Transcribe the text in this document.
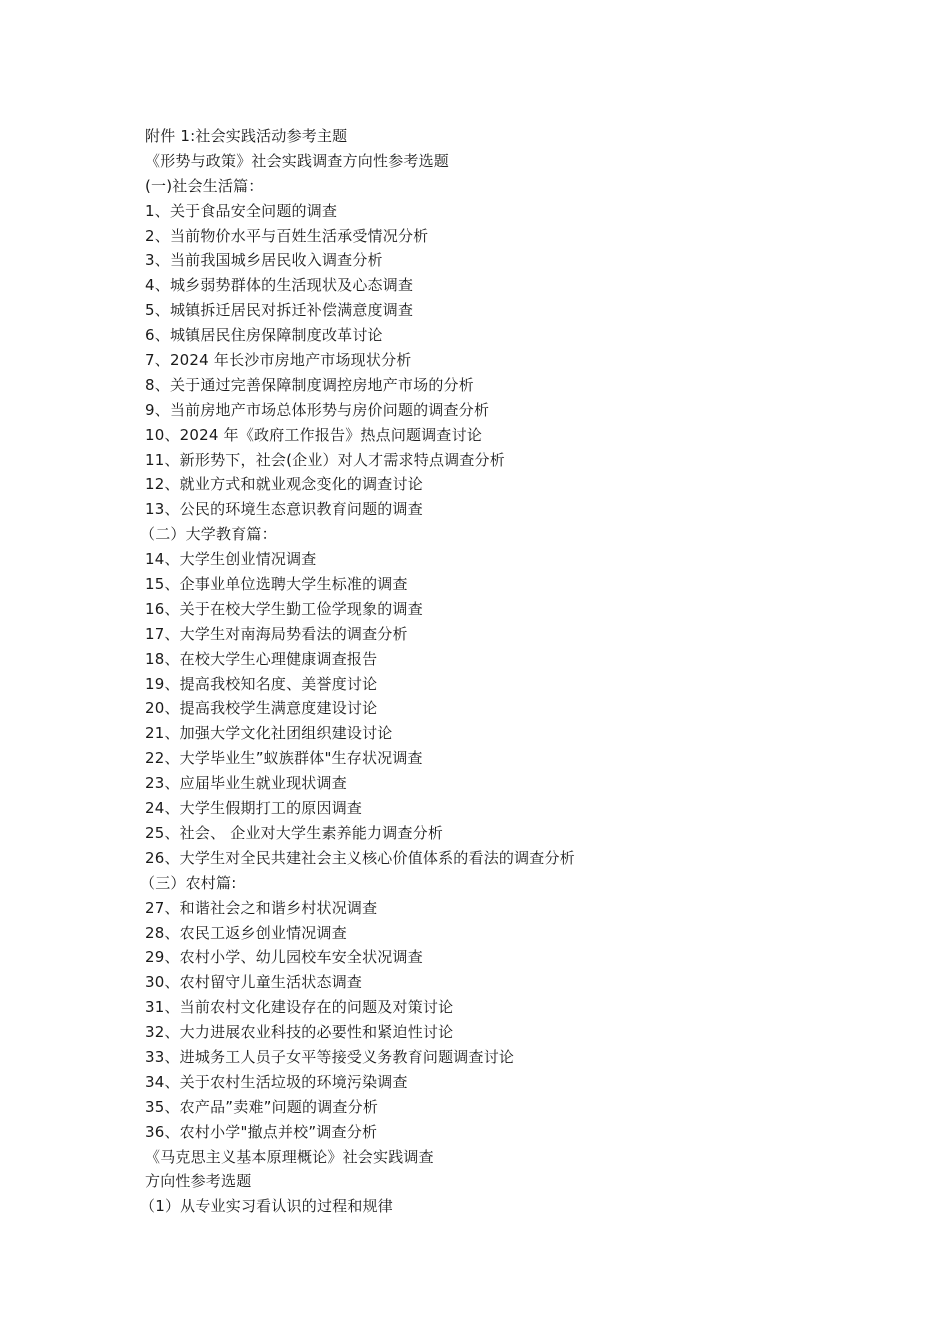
附件 1:社会实践活动参考主题
《形势与政策》社会实践调查方向性参考选题
(一)社会生活篇：
1、关于食品安全问题的调查
2、当前物价水平与百姓生活承受情况分析
3、当前我国城乡居民收入调查分析
4、城乡弱势群体的生活现状及心态调查
5、城镇拆迁居民对拆迁补偿满意度调查
6、城镇居民住房保障制度改革讨论
7、2024 年长沙市房地产市场现状分析
8、关于通过完善保障制度调控房地产市场的分析
9、当前房地产市场总体形势与房价问题的调查分析
10、2024 年《政府工作报告》热点问题调查讨论
11、新形势下，社会(企业）对人才需求特点调查分析
12、就业方式和就业观念变化的调查讨论
13、公民的环境生态意识教育问题的调查
（二）大学教育篇：
14、大学生创业情况调查
15、企事业单位选聘大学生标准的调查
16、关于在校大学生勤工俭学现象的调查
17、大学生对南海局势看法的调查分析
18、在校大学生心理健康调查报告
19、提高我校知名度、美誉度讨论
20、提高我校学生满意度建设讨论
21、加强大学文化社团组织建设讨论
22、大学毕业生”蚁族群体"生存状况调查
23、应届毕业生就业现状调查
24、大学生假期打工的原因调查
25、社会、 企业对大学生素养能力调查分析
26、大学生对全民共建社会主义核心价值体系的看法的调查分析
（三）农村篇:
27、和谐社会之和谐乡村状况调查
28、农民工返乡创业情况调查
29、农村小学、幼儿园校车安全状况调查
30、农村留守儿童生活状态调查
31、当前农村文化建设存在的问题及对策讨论
32、大力进展农业科技的必要性和紧迫性讨论
33、进城务工人员子女平等接受义务教育问题调查讨论
34、关于农村生活垃圾的环境污染调查
35、农产品”卖难”问题的调查分析
36、农村小学"撤点并校”调查分析
《马克思主义基本原理概论》社会实践调查
方向性参考选题
（1）从专业实习看认识的过程和规律
